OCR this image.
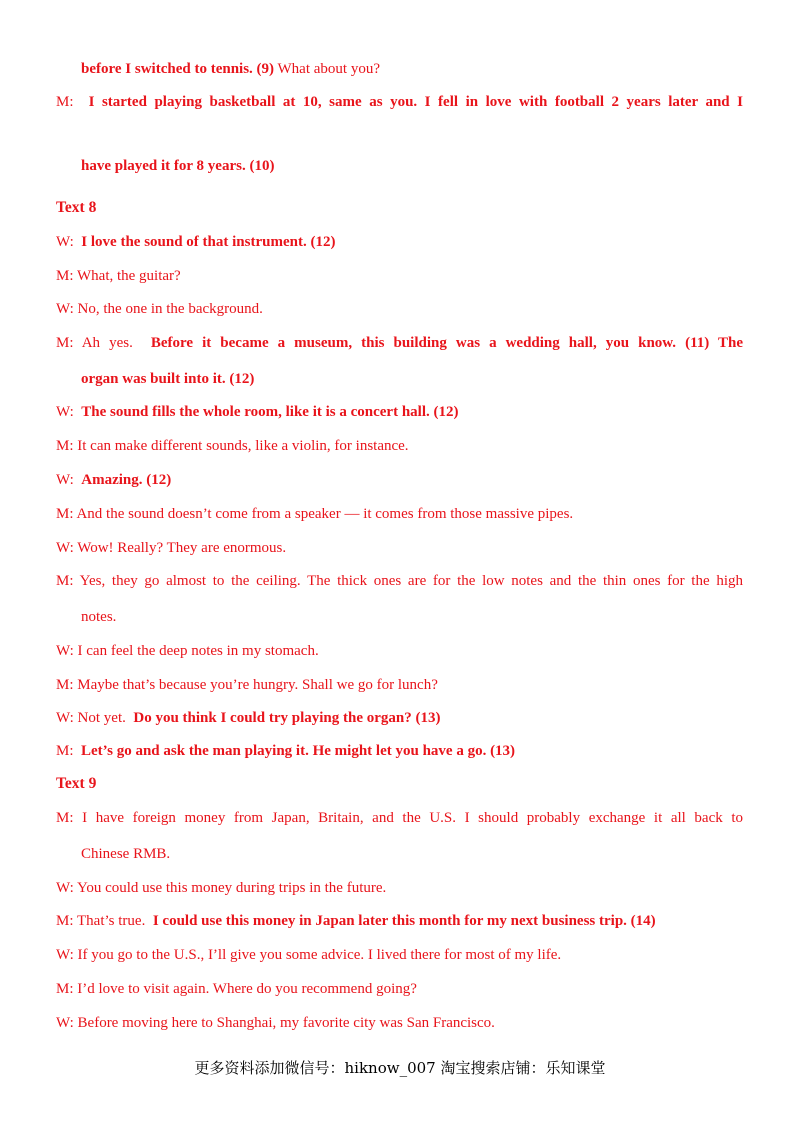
before I switched to tennis. (9) What about you?
M: I started playing basketball at 10, same as you. I fell in love with football 2 years later and I
have played it for 8 years. (10)
Text 8
W: I love the sound of that instrument. (12)
M: What, the guitar?
W: No, the one in the background.
M: Ah yes. Before it became a museum, this building was a wedding hall, you know. (11) The
organ was built into it. (12)
W: The sound fills the whole room, like it is a concert hall. (12)
M: It can make different sounds, like a violin, for instance.
W: Amazing. (12)
M: And the sound doesn’t come from a speaker — it comes from those massive pipes.
W: Wow! Really? They are enormous.
M: Yes, they go almost to the ceiling. The thick ones are for the low notes and the thin ones for the high
notes.
W: I can feel the deep notes in my stomach.
M: Maybe that’s because you’re hungry. Shall we go for lunch?
W: Not yet. Do you think I could try playing the organ? (13)
M: Let’s go and ask the man playing it. He might let you have a go. (13)
Text 9
M: I have foreign money from Japan, Britain, and the U.S. I should probably exchange it all back to
Chinese RMB.
W: You could use this money during trips in the future.
M: That’s true. I could use this money in Japan later this month for my next business trip. (14)
W: If you go to the U.S., I’ll give you some advice. I lived there for most of my life.
M: I’d love to visit again. Where do you recommend going?
W: Before moving here to Shanghai, my favorite city was San Francisco.
更多资料添加微信号：hiknow_007 淘宝搜索店铺：乐知课堂
